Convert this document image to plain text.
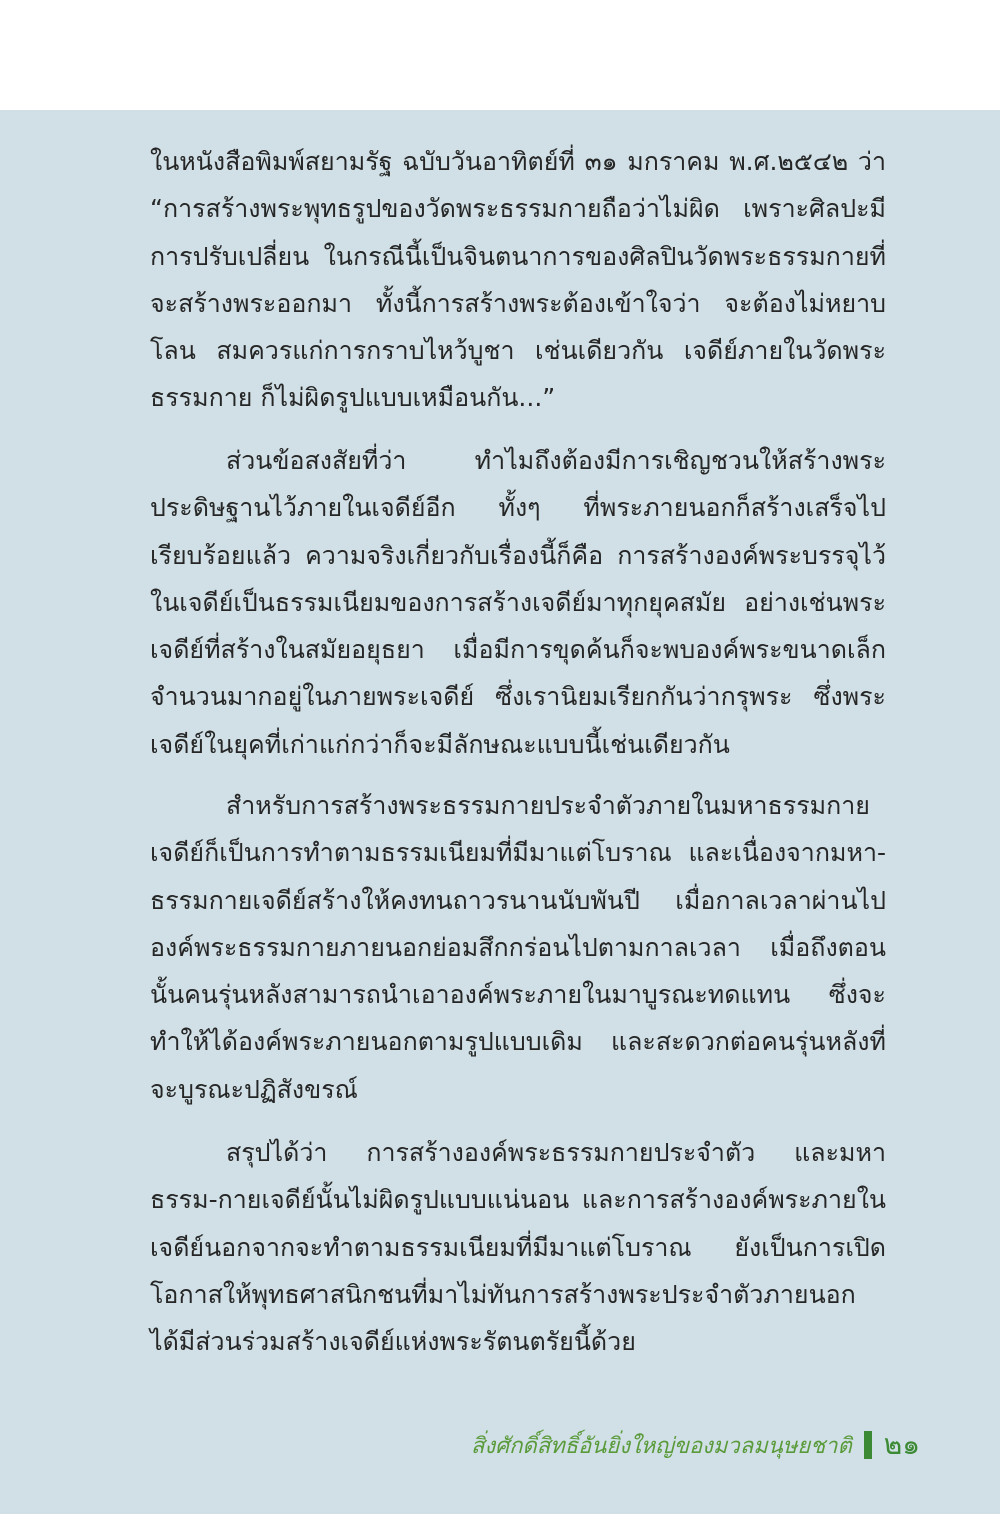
ในหนังสือพิมพ์สยามรัฐ ฉบับวันอาทิตย์ที่ ๓๑ มกราคม พ.ศ.๒๕๔๒ ว่า “การสร้างพระพุทธรูปของวัดพระธรรมกายถือว่าไม่ผิด เพราะศิลปะมีการปรับเปลี่ยน ในกรณีนี้เป็นจินตนาการของศิลปินวัดพระธรรมกายที่จะสร้างพระออกมา ทั้งนี้การสร้างพระต้องเข้าใจว่า จะต้องไม่หยาบโลน สมควรแก่การกราบไหว้บูชา เช่นเดียวกัน เจดีย์ภายในวัดพระธรรมกาย ก็ไม่ผิดรูปแบบเหมือนกัน...”

ส่วนข้อสงสัยที่ว่า ทำไมถึงต้องมีการเชิญชวนให้สร้างพระประดิษฐานไว้ภายในเจดีย์อีก ทั้งๆ ที่พระภายนอกก็สร้างเสร็จไปเรียบร้อยแล้ว ความจริงเกี่ยวกับเรื่องนี้ก็คือ การสร้างองค์พระบรรจุไว้ในเจดีย์เป็นธรรมเนียมของการสร้างเจดีย์มาทุกยุคสมัย อย่างเช่นพระเจดีย์ที่สร้างในสมัยอยุธยา เมื่อมีการขุดค้นก็จะพบองค์พระขนาดเล็กจำนวนมากอยู่ในภายพระเจดีย์ ซึ่งเรานิยมเรียกกันว่ากรุพระ ซึ่งพระเจดีย์ในยุคที่เก่าแก่กว่าก็จะมีลักษณะแบบนี้เช่นเดียวกัน

สำหรับการสร้างพระธรรมกายประจำตัวภายในมหาธรรมกายเจดีย์ก็เป็นการทำตามธรรมเนียมที่มีมาแต่โบราณ และเนื่องจากมหา-ธรรมกายเจดีย์สร้างให้คงทนถาวรนานนับพันปี เมื่อกาลเวลาผ่านไปองค์พระธรรมกายภายนอกย่อมสึกกร่อนไปตามกาลเวลา เมื่อถึงตอนนั้นคนรุ่นหลังสามารถนำเอาองค์พระภายในมาบูรณะทดแทน ซึ่งจะทำให้ได้องค์พระภายนอกตามรูปแบบเดิม และสะดวกต่อคนรุ่นหลังที่จะบูรณะปฏิสังขรณ์

สรุปได้ว่า การสร้างองค์พระธรรมกายประจำตัว และมหาธรรม-กายเจดีย์นั้นไม่ผิดรูปแบบแน่นอน และการสร้างองค์พระภายในเจดีย์นอกจากจะทำตามธรรมเนียมที่มีมาแต่โบราณ ยังเป็นการเปิดโอกาสให้พุทธศาสนิกชนที่มาไม่ทันการสร้างพระประจำตัวภายนอก ได้มีส่วนร่วมสร้างเจดีย์แห่งพระรัตนตรัยนี้ด้วย

สิ่งศักดิ์สิทธิ์อันยิ่งใหญ่ของมวลมนุษยชาติ ๒๑
